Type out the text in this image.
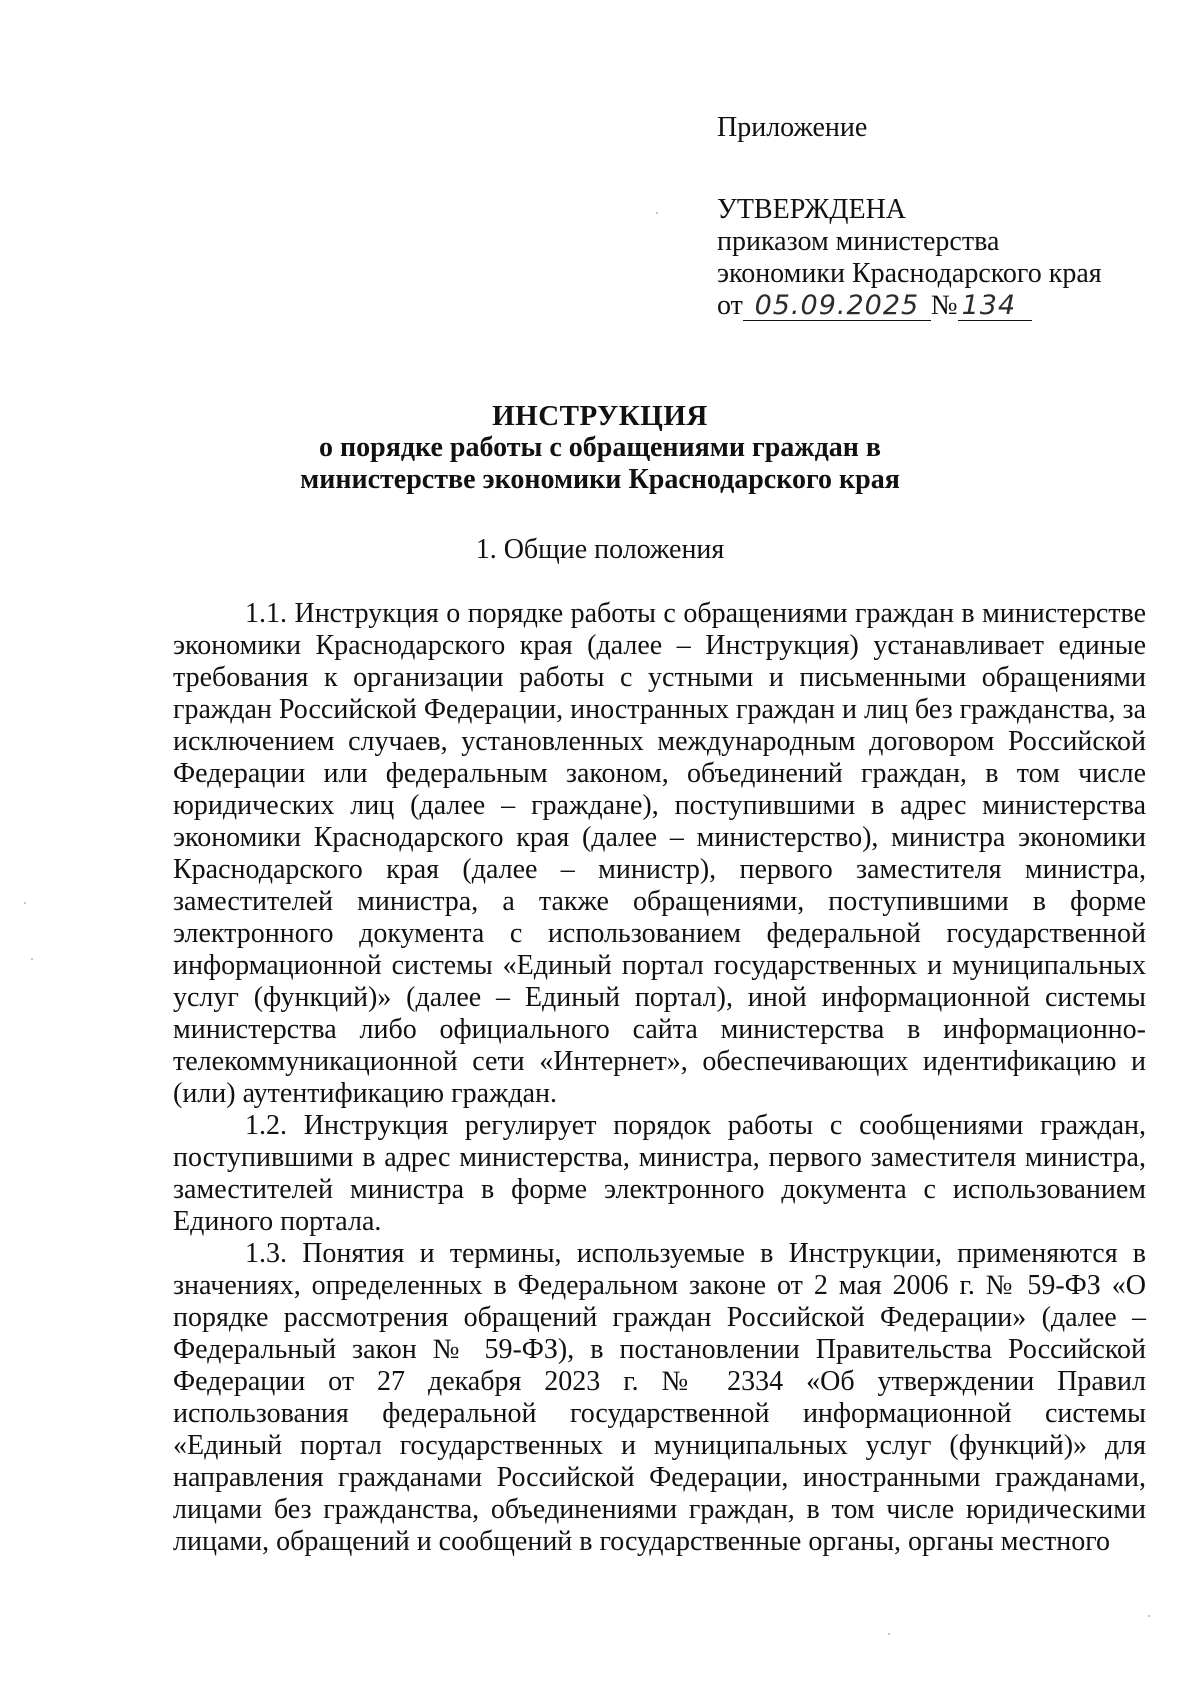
Приложение
УТВЕРЖДЕНА
приказом министерства
экономики Краснодарского края
от 05.09.2025 № 134
ИНСТРУКЦИЯ
о порядке работы с обращениями граждан в
министерстве экономики Краснодарского края
1. Общие положения

1.1. Инструкция о порядке работы с обращениями граждан в министерстве экономики Краснодарского края (далее – Инструкция) устанавливает единые требования к организации работы с устными и письменными обращениями граждан Российской Федерации, иностранных граждан и лиц без гражданства, за исключением случаев, установленных международным договором Российской Федерации или федеральным законом, объединений граждан, в том числе юридических лиц (далее – граждане), поступившими в адрес министерства экономики Краснодарского края (далее – министерство), министра экономики Краснодарского края (далее – министр), первого заместителя министра, заместителей министра, а также обращениями, поступившими в форме электронного документа с использованием федеральной государственной информационной системы «Единый портал государственных и муниципальных услуг (функций)» (далее – Единый портал), иной информационной системы министерства либо официального сайта министерства в информационно-телекоммуникационной сети «Интернет», обеспечивающих идентификацию и (или) аутентификацию граждан.

1.2. Инструкция регулирует порядок работы с сообщениями граждан, поступившими в адрес министерства, министра, первого заместителя министра, заместителей министра в форме электронного документа с использованием Единого портала.

1.3. Понятия и термины, используемые в Инструкции, применяются в значениях, определенных в Федеральном законе от 2 мая 2006 г. № 59-ФЗ «О порядке рассмотрения обращений граждан Российской Федерации» (далее – Федеральный закон № 59-ФЗ), в постановлении Правительства Российской Федерации от 27 декабря 2023 г. № 2334 «Об утверждении Правил использования федеральной государственной информационной системы «Единый портал государственных и муниципальных услуг (функций)» для направления гражданами Российской Федерации, иностранными гражданами, лицами без гражданства, объединениями граждан, в том числе юридическими лицами, обращений и сообщений в государственные органы, органы местного
